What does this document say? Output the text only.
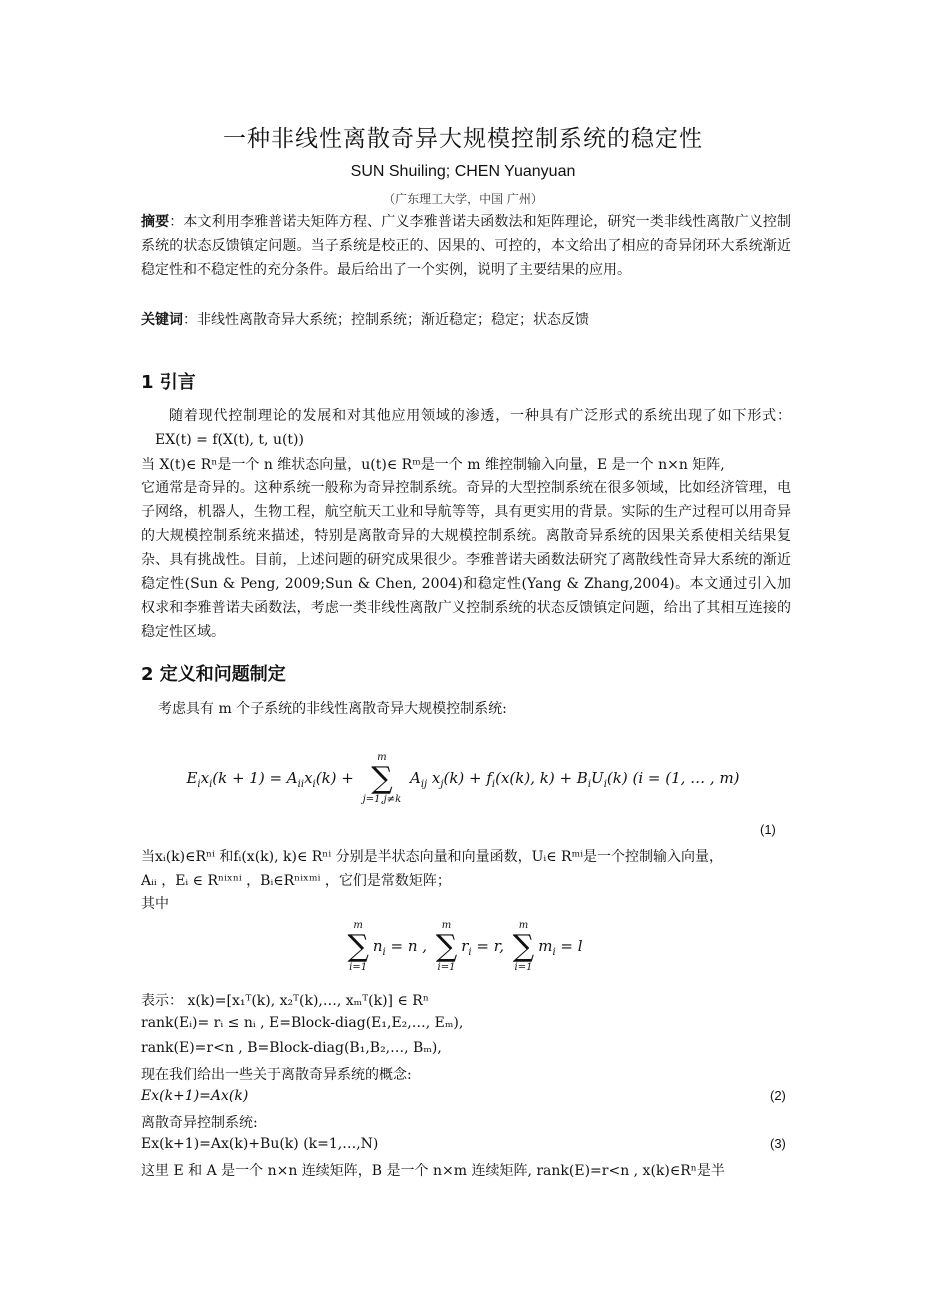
一种非线性离散奇异大规模控制系统的稳定性
SUN Shuiling; CHEN Yuanyuan
（广东理工大学，中国 广州）
摘要：本文利用李雅普诺夫矩阵方程、广义李雅普诺夫函数法和矩阵理论，研究一类非线性离散广义控制系统的状态反馈镇定问题。当子系统是校正的、因果的、可控的，本文给出了相应的奇异闭环大系统渐近稳定性和不稳定性的充分条件。最后给出了一个实例，说明了主要结果的应用。
关键词：非线性离散奇异大系统；控制系统；渐近稳定；稳定；状态反馈
1 引言
随着现代控制理论的发展和对其他应用领域的渗透，一种具有广泛形式的系统出现了如下形式： EX(t) = f(X(t), t, u(t))
当 X(t)∈ Rⁿ是一个 n 维状态向量，u(t)∈ Rᵐ是一个 m 维控制输入向量，E 是一个 n×n 矩阵,
它通常是奇异的。这种系统一般称为奇异控制系统。奇异的大型控制系统在很多领域，比如经济管理，电子网络，机器人，生物工程，航空航天工业和导航等等，具有更实用的背景。实际的生产过程可以用奇异的大规模控制系统来描述，特别是离散奇异的大规模控制系统。离散奇异系统的因果关系使相关结果复杂、具有挑战性。目前，上述问题的研究成果很少。李雅普诺夫函数法研究了离散线性奇异大系统的渐近稳定性(Sun & Peng, 2009;Sun & Chen, 2004)和稳定性(Yang & Zhang,2004)。本文通过引入加权求和李雅普诺夫函数法，考虑一类非线性离散广义控制系统的状态反馈镇定问题，给出了其相互连接的稳定性区域。
2 定义和问题制定
考虑具有 m 个子系统的非线性离散奇异大规模控制系统:
$E_ix_i(k + 1) = A_{ii}x_i(k)$ +
m
∑
j=1,j≠k
$A_{ij}$ $x_j(k) + f_i(x(k)$, $k) + B_iU_i(k) (i = (1$, … , m)
(1)
当xᵢ(k)∈Rⁿⁱ 和fᵢ(x(k), k)∈ Rⁿⁱ 分别是半状态向量和向量函数，Uᵢ∈ Rᵐⁱ是一个控制输入向量，
Aᵢᵢ ，Eᵢ ∈ Rⁿⁱˣⁿⁱ ，Bᵢ∈Rⁿⁱˣᵐⁱ ，它们是常数矩阵；
其中
m
∑
i=1
$n_i = n$ ,
m
∑
i=1
$r_i = r$,
m
∑
i=1
$m_i = l$
表示： x(k)=[x₁ᵀ(k), x₂ᵀ(k),…, xₘᵀ(k)] ∈ Rⁿ
rank(Eᵢ)= rᵢ ≤ nᵢ , E=Block-diag(E₁,E₂,…, Eₘ),
rank(E)=r<n , B=Block-diag(B₁,B₂,…, Bₘ),
现在我们给出一些关于离散奇异系统的概念:
Ex(k+1)=Ax(k)	(2)
离散奇异控制系统:
Ex(k+1)=Ax(k)+Bu(k) (k=1,…,N)	(3)
这里 E 和 A 是一个 n×n 连续矩阵，B 是一个 n×m 连续矩阵, rank(E)=r<n , x(k)∈Rⁿ是半
